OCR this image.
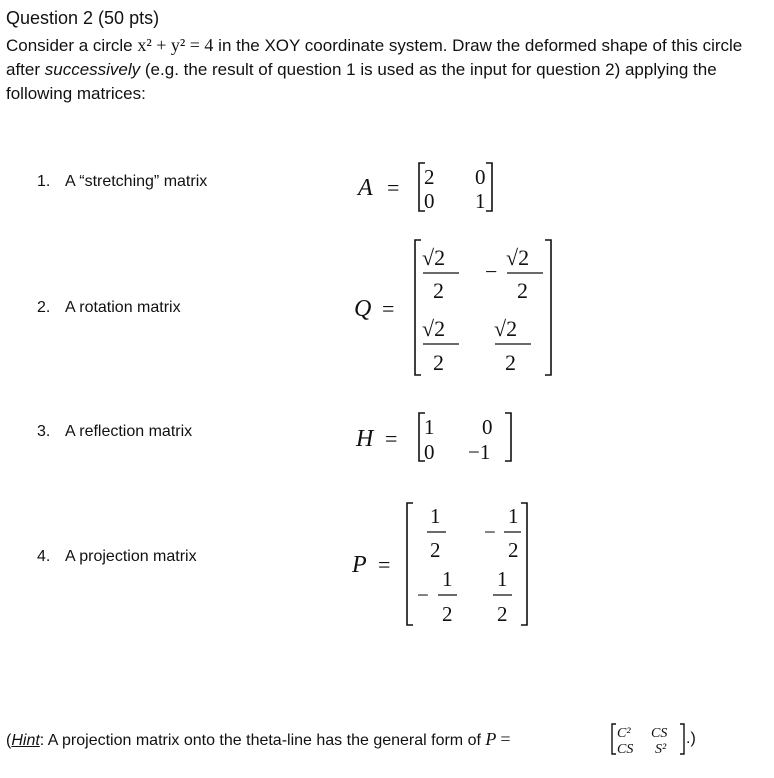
Question 2 (50 pts)
Consider a circle x² + y² = 4 in the XOY coordinate system. Draw the deformed shape of this circle after successively (e.g. the result of question 1 is used as the input for question 2) applying the following matrices:
1. A “stretching” matrix
2. A rotation matrix
3. A reflection matrix
4. A projection matrix
A = 2 0
0 1
Q =
√2
2
−
√2
2
√2
2
√2
2
H = 1 0
0 −1
P =
1
2
−
1
2
−
1
2
1
2
C² CS
CS S²
(Hint: A projection matrix onto the theta-line has the general form of P =	.)
